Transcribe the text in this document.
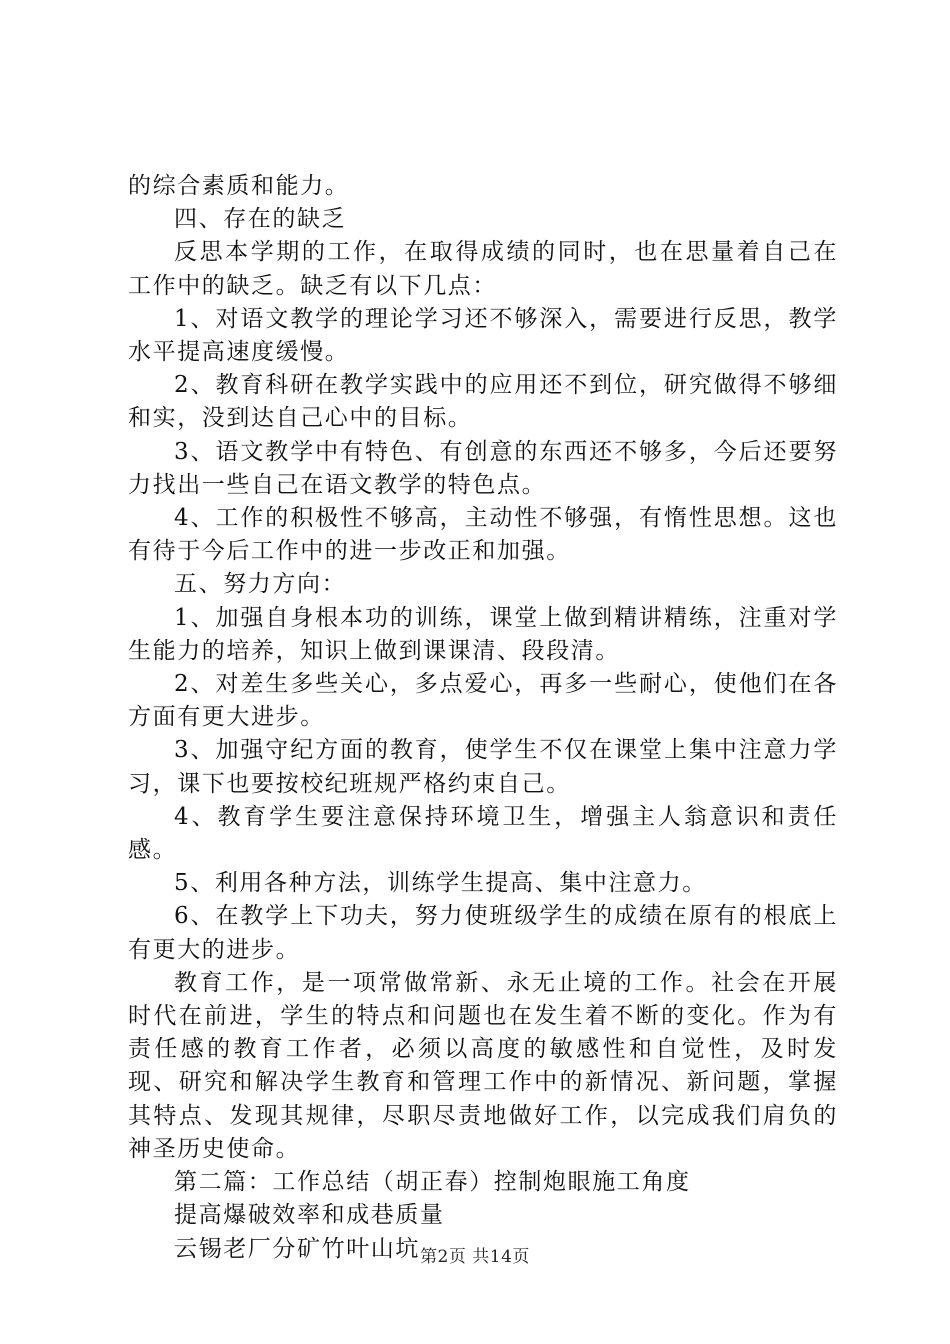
的综合素质和能力。

四、存在的缺乏

反思本学期的工作，在取得成绩的同时，也在思量着自己在工作中的缺乏。缺乏有以下几点：

1、对语文教学的理论学习还不够深入，需要进行反思，教学水平提高速度缓慢。

2、教育科研在教学实践中的应用还不到位，研究做得不够细和实，没到达自己心中的目标。

3、语文教学中有特色、有创意的东西还不够多，今后还要努力找出一些自己在语文教学的特色点。

4、工作的积极性不够高，主动性不够强，有惰性思想。这也有待于今后工作中的进一步改正和加强。

五、努力方向：

1、加强自身根本功的训练，课堂上做到精讲精练，注重对学生能力的培养，知识上做到课课清、段段清。

2、对差生多些关心，多点爱心，再多一些耐心，使他们在各方面有更大进步。

3、加强守纪方面的教育，使学生不仅在课堂上集中注意力学习，课下也要按校纪班规严格约束自己。

4、教育学生要注意保持环境卫生，增强主人翁意识和责任感。

5、利用各种方法，训练学生提高、集中注意力。

6、在教学上下功夫，努力使班级学生的成绩在原有的根底上有更大的进步。

教育工作，是一项常做常新、永无止境的工作。社会在开展时代在前进，学生的特点和问题也在发生着不断的变化。作为有责任感的教育工作者，必须以高度的敏感性和自觉性，及时发现、研究和解决学生教育和管理工作中的新情况、新问题，掌握其特点、发现其规律，尽职尽责地做好工作，以完成我们肩负的神圣历史使命。

第二篇：工作总结（胡正春）控制炮眼施工角度

提高爆破效率和成巷质量

云锡老厂分矿竹叶山坑 第2页 共14页
